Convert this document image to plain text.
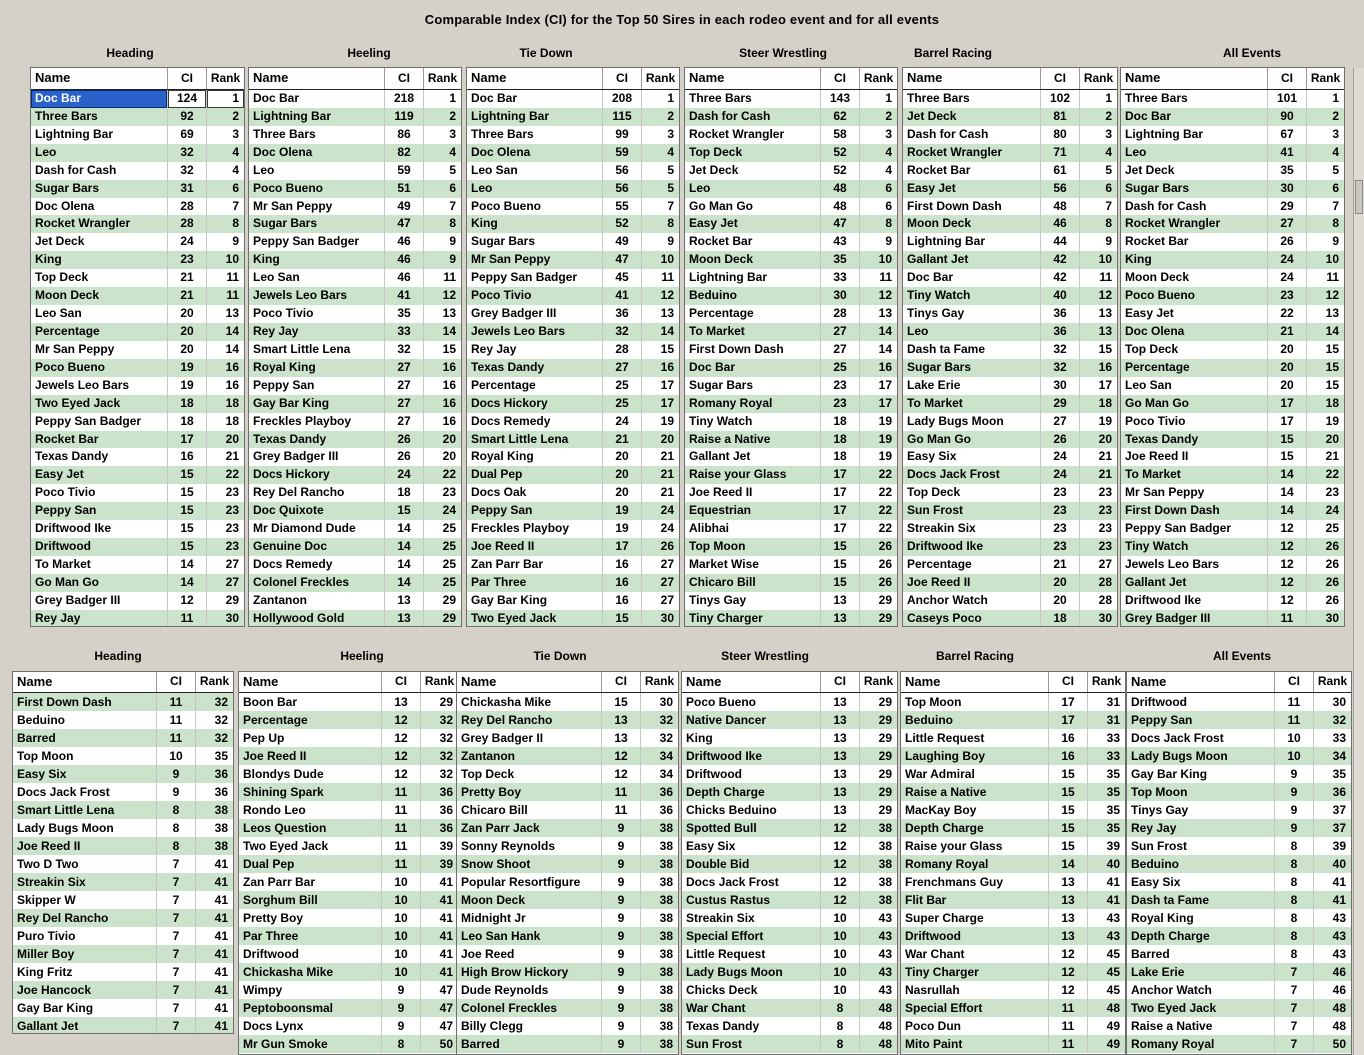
Comparable Index (CI) for the Top 50 Sires in each rodeo event and for all events
Heading
Name	CI	Rank
Doc Bar	124	1
Three Bars	92	2
Lightning Bar	69	3
Leo	32	4
Dash for Cash	32	4
Sugar Bars	31	6
Doc Olena	28	7
Rocket Wrangler	28	8
Jet Deck	24	9
King	23	10
Top Deck	21	11
Moon Deck	21	11
Leo San	20	13
Percentage	20	14
Mr San Peppy	20	14
Poco Bueno	19	16
Jewels Leo Bars	19	16
Two Eyed Jack	18	18
Peppy San Badger	18	18
Rocket Bar	17	20
Texas Dandy	16	21
Easy Jet	15	22
Poco Tivio	15	23
Peppy San	15	23
Driftwood Ike	15	23
Driftwood	15	23
To Market	14	27
Go Man Go	14	27
Grey Badger III	12	29
Rey Jay	11	30
Heeling
Name	CI	Rank
Doc Bar	218	1
Lightning Bar	119	2
Three Bars	86	3
Doc Olena	82	4
Leo	59	5
Poco Bueno	51	6
Mr San Peppy	49	7
Sugar Bars	47	8
Peppy San Badger	46	9
King	46	9
Leo San	46	11
Jewels Leo Bars	41	12
Poco Tivio	35	13
Rey Jay	33	14
Smart Little Lena	32	15
Royal King	27	16
Peppy San	27	16
Gay Bar King	27	16
Freckles Playboy	27	16
Texas Dandy	26	20
Grey Badger III	26	20
Docs Hickory	24	22
Rey Del Rancho	18	23
Doc Quixote	15	24
Mr Diamond Dude	14	25
Genuine Doc	14	25
Docs Remedy	14	25
Colonel Freckles	14	25
Zantanon	13	29
Hollywood Gold	13	29
Tie Down
Name	CI	Rank
Doc Bar	208	1
Lightning Bar	115	2
Three Bars	99	3
Doc Olena	59	4
Leo San	56	5
Leo	56	5
Poco Bueno	55	7
King	52	8
Sugar Bars	49	9
Mr San Peppy	47	10
Peppy San Badger	45	11
Poco Tivio	41	12
Grey Badger III	36	13
Jewels Leo Bars	32	14
Rey Jay	28	15
Texas Dandy	27	16
Percentage	25	17
Docs Hickory	25	17
Docs Remedy	24	19
Smart Little Lena	21	20
Royal King	20	21
Dual Pep	20	21
Docs Oak	20	21
Peppy San	19	24
Freckles Playboy	19	24
Joe Reed II	17	26
Zan Parr Bar	16	27
Par Three	16	27
Gay Bar King	16	27
Two Eyed Jack	15	30
Steer Wrestling
Name	CI	Rank
Three Bars	143	1
Dash for Cash	62	2
Rocket Wrangler	58	3
Top Deck	52	4
Jet Deck	52	4
Leo	48	6
Go Man Go	48	6
Easy Jet	47	8
Rocket Bar	43	9
Moon Deck	35	10
Lightning Bar	33	11
Beduino	30	12
Percentage	28	13
To Market	27	14
First Down Dash	27	14
Doc Bar	25	16
Sugar Bars	23	17
Romany Royal	23	17
Tiny Watch	18	19
Raise a Native	18	19
Gallant Jet	18	19
Raise your Glass	17	22
Joe Reed II	17	22
Equestrian	17	22
Alibhai	17	22
Top Moon	15	26
Market Wise	15	26
Chicaro Bill	15	26
Tinys Gay	13	29
Tiny Charger	13	29
Barrel Racing
Name	CI	Rank
Three Bars	102	1
Jet Deck	81	2
Dash for Cash	80	3
Rocket Wrangler	71	4
Rocket Bar	61	5
Easy Jet	56	6
First Down Dash	48	7
Moon Deck	46	8
Lightning Bar	44	9
Gallant Jet	42	10
Doc Bar	42	11
Tiny Watch	40	12
Tinys Gay	36	13
Leo	36	13
Dash ta Fame	32	15
Sugar Bars	32	16
Lake Erie	30	17
To Market	29	18
Lady Bugs Moon	27	19
Go Man Go	26	20
Easy Six	24	21
Docs Jack Frost	24	21
Top Deck	23	23
Sun Frost	23	23
Streakin Six	23	23
Driftwood Ike	23	23
Percentage	21	27
Joe Reed II	20	28
Anchor Watch	20	28
Caseys Poco	18	30
All Events
Name	CI	Rank
Three Bars	101	1
Doc Bar	90	2
Lightning Bar	67	3
Leo	41	4
Jet Deck	35	5
Sugar Bars	30	6
Dash for Cash	29	7
Rocket Wrangler	27	8
Rocket Bar	26	9
King	24	10
Moon Deck	24	11
Poco Bueno	23	12
Easy Jet	22	13
Doc Olena	21	14
Top Deck	20	15
Percentage	20	15
Leo San	20	15
Go Man Go	17	18
Poco Tivio	17	19
Texas Dandy	15	20
Joe Reed II	15	21
To Market	14	22
Mr San Peppy	14	23
First Down Dash	14	24
Peppy San Badger	12	25
Tiny Watch	12	26
Jewels Leo Bars	12	26
Gallant Jet	12	26
Driftwood Ike	12	26
Grey Badger III	11	30
Heading
Name	CI	Rank
First Down Dash	11	32
Beduino	11	32
Barred	11	32
Top Moon	10	35
Easy Six	9	36
Docs Jack Frost	9	36
Smart Little Lena	8	38
Lady Bugs Moon	8	38
Joe Reed II	8	38
Two D Two	7	41
Streakin Six	7	41
Skipper W	7	41
Rey Del Rancho	7	41
Puro Tivio	7	41
Miller Boy	7	41
King Fritz	7	41
Joe Hancock	7	41
Gay Bar King	7	41
Gallant Jet	7	41
Heeling
Name	CI	Rank
Boon Bar	13	29
Percentage	12	32
Pep Up	12	32
Joe Reed II	12	32
Blondys Dude	12	32
Shining Spark	11	36
Rondo Leo	11	36
Leos Question	11	36
Two Eyed Jack	11	39
Dual Pep	11	39
Zan Parr Bar	10	41
Sorghum Bill	10	41
Pretty Boy	10	41
Par Three	10	41
Driftwood	10	41
Chickasha Mike	10	41
Wimpy	9	47
Peptoboonsmal	9	47
Docs Lynx	9	47
Mr Gun Smoke	8	50
Tie Down
Name	CI	Rank
Chickasha Mike	15	30
Rey Del Rancho	13	32
Grey Badger II	13	32
Zantanon	12	34
Top Deck	12	34
Pretty Boy	11	36
Chicaro Bill	11	36
Zan Parr Jack	9	38
Sonny Reynolds	9	38
Snow Shoot	9	38
Popular Resortfigure	9	38
Moon Deck	9	38
Midnight Jr	9	38
Leo San Hank	9	38
Joe Reed	9	38
High Brow Hickory	9	38
Dude Reynolds	9	38
Colonel Freckles	9	38
Billy Clegg	9	38
Barred	9	38
Steer Wrestling
Name	CI	Rank
Poco Bueno	13	29
Native Dancer	13	29
King	13	29
Driftwood Ike	13	29
Driftwood	13	29
Depth Charge	13	29
Chicks Beduino	13	29
Spotted Bull	12	38
Easy Six	12	38
Double Bid	12	38
Docs Jack Frost	12	38
Custus Rastus	12	38
Streakin Six	10	43
Special Effort	10	43
Little Request	10	43
Lady Bugs Moon	10	43
Chicks Deck	10	43
War Chant	8	48
Texas Dandy	8	48
Sun Frost	8	48
Barrel Racing
Name	CI	Rank
Top Moon	17	31
Beduino	17	31
Little Request	16	33
Laughing Boy	16	33
War Admiral	15	35
Raise a Native	15	35
MacKay Boy	15	35
Depth Charge	15	35
Raise your Glass	15	39
Romany Royal	14	40
Frenchmans Guy	13	41
Flit Bar	13	41
Super Charge	13	43
Driftwood	13	43
War Chant	12	45
Tiny Charger	12	45
Nasrullah	12	45
Special Effort	11	48
Poco Dun	11	49
Mito Paint	11	49
All Events
Name	CI	Rank
Driftwood	11	30
Peppy San	11	32
Docs Jack Frost	10	33
Lady Bugs Moon	10	34
Gay Bar King	9	35
Top Moon	9	36
Tinys Gay	9	37
Rey Jay	9	37
Sun Frost	8	39
Beduino	8	40
Easy Six	8	41
Dash ta Fame	8	41
Royal King	8	43
Depth Charge	8	43
Barred	8	43
Lake Erie	7	46
Anchor Watch	7	46
Two Eyed Jack	7	48
Raise a Native	7	48
Romany Royal	7	50
